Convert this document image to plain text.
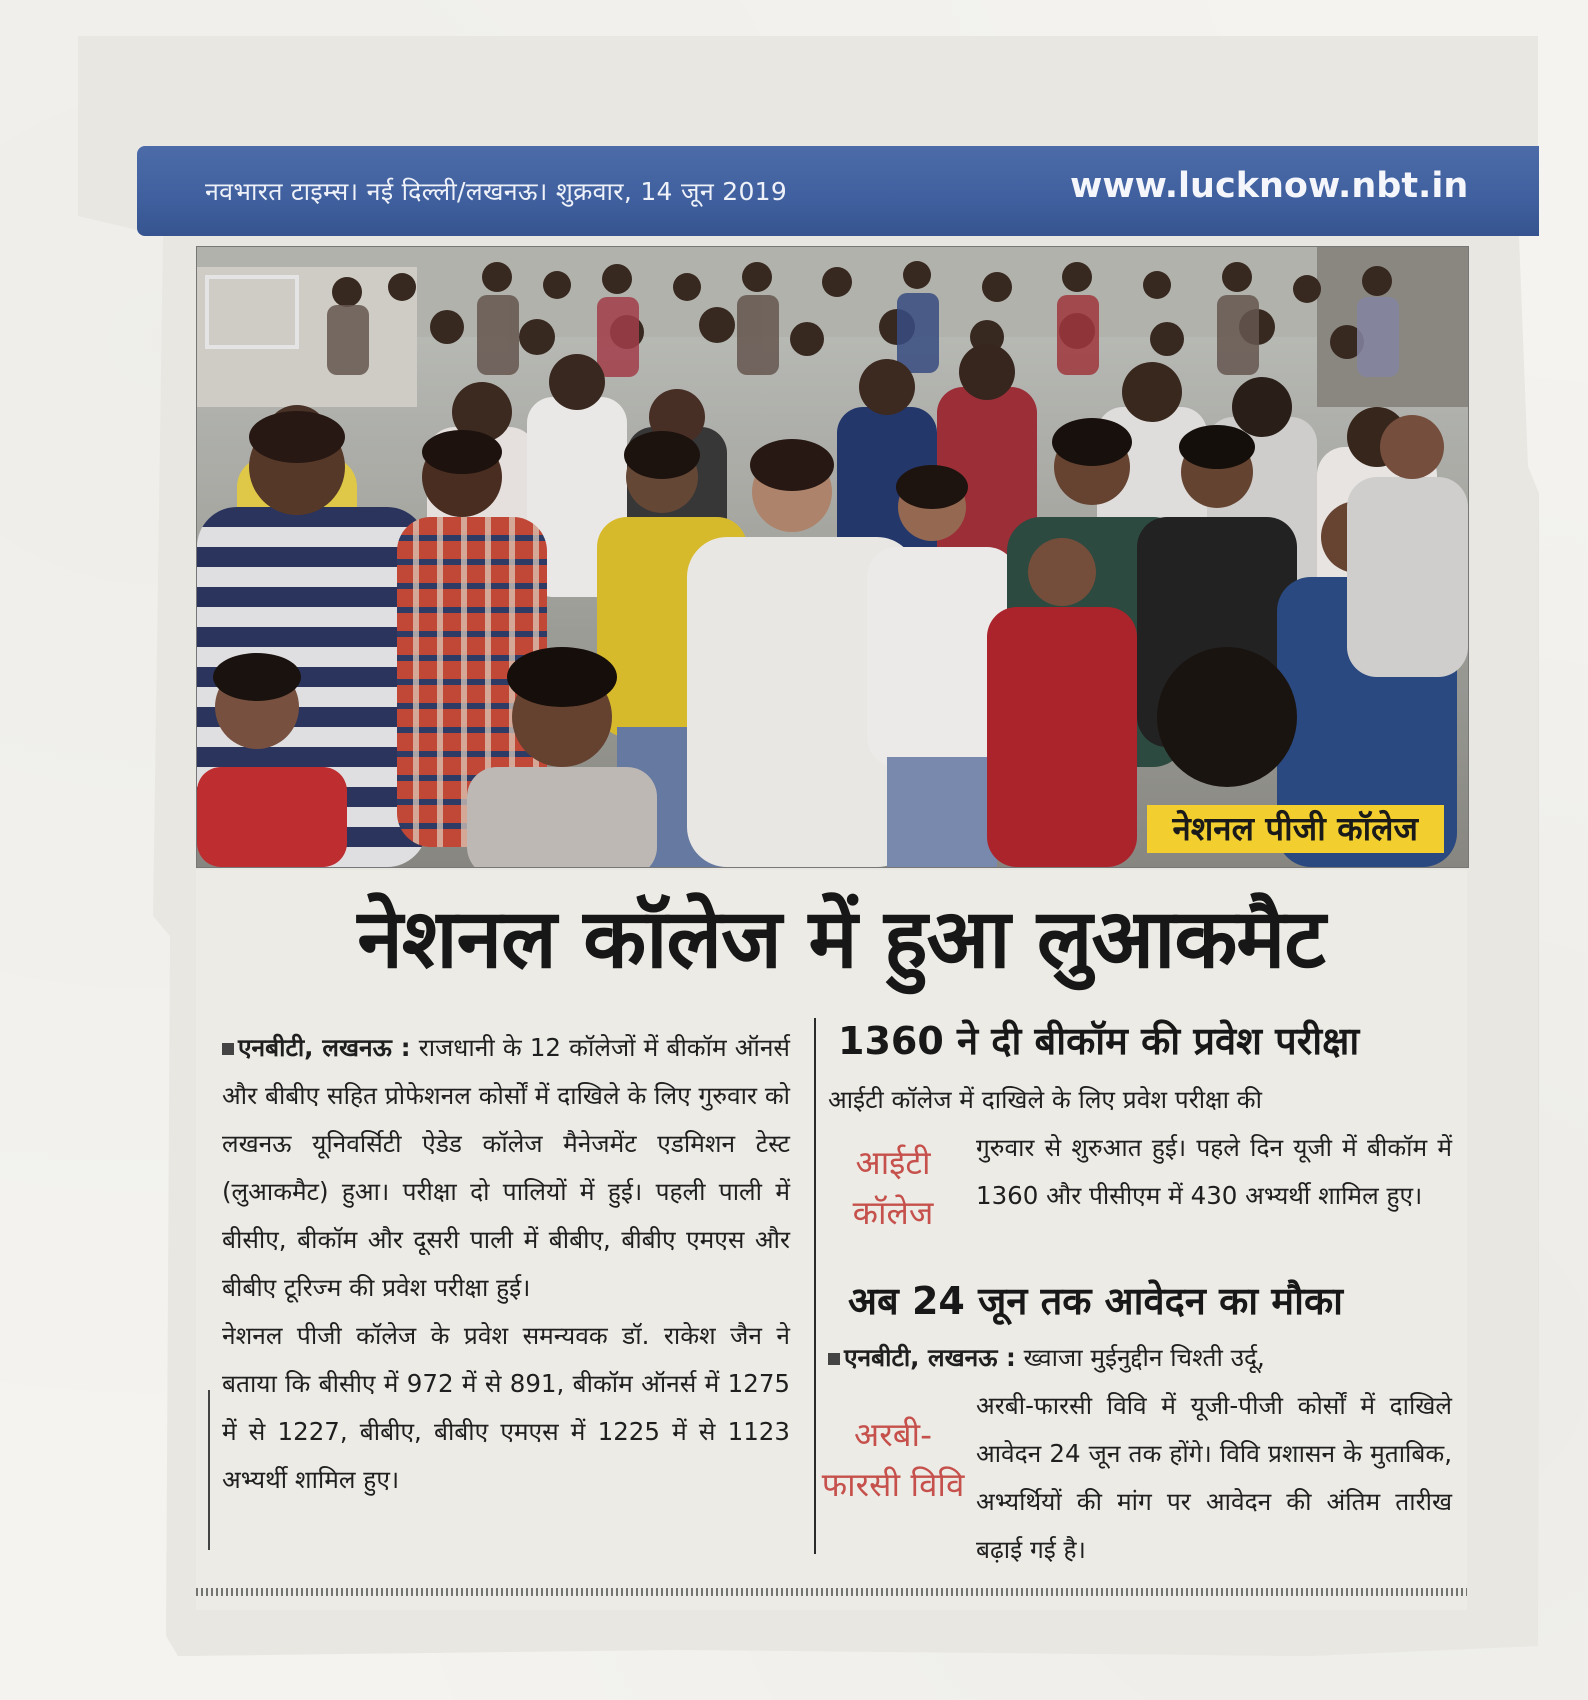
नवभारत टाइम्स। नई दिल्ली/लखनऊ। शुक्रवार, 14 जून 2019	www.lucknow.nbt.in
नेशनल पीजी कॉलेज
नेशनल कॉलेज में हुआ लुआकमैट

एनबीटी, लखनऊ : राजधानी के 12 कॉलेजों में बीकॉम ऑनर्स और बीबीए सहित प्रोफेशनल कोर्सों में दाखिले के लिए गुरुवार को लखनऊ यूनिवर्सिटी ऐडेड कॉलेज मैनेजमेंट एडमिशन टेस्ट (लुआकमैट) हुआ। परीक्षा दो पालियों में हुई। पहली पाली में बीसीए, बीकॉम और दूसरी पाली में बीबीए, बीबीए एमएस और बीबीए टूरिज्म की प्रवेश परीक्षा हुई।

नेशनल पीजी कॉलेज के प्रवेश समन्यवक डॉ. राकेश जैन ने बताया कि बीसीए में 972 में से 891, बीकॉम ऑनर्स में 1275 में से 1227, बीबीए, बीबीए एमएस में 1225 में से 1123 अभ्यर्थी शामिल हुए।

1360 ने दी बीकॉम की प्रवेश परीक्षा
आईटी कॉलेज में दाखिले के लिए प्रवेश परीक्षा की
आईटी कॉलेज
गुरुवार से शुरुआत हुई। पहले दिन यूजी में बीकॉम में 1360 और पीसीएम में 430 अभ्यर्थी शामिल हुए।
अब 24 जून तक आवेदन का मौका
एनबीटी, लखनऊ : ख्वाजा मुईनुद्दीन चिश्ती उर्दू,
अरबी-फारसी विवि
अरबी-फारसी विवि में यूजी-पीजी कोर्सों में दाखिले आवेदन 24 जून तक होंगे। विवि प्रशासन के मुताबिक, अभ्यर्थियों की मांग पर आवेदन की अंतिम तारीख बढ़ाई गई है।
